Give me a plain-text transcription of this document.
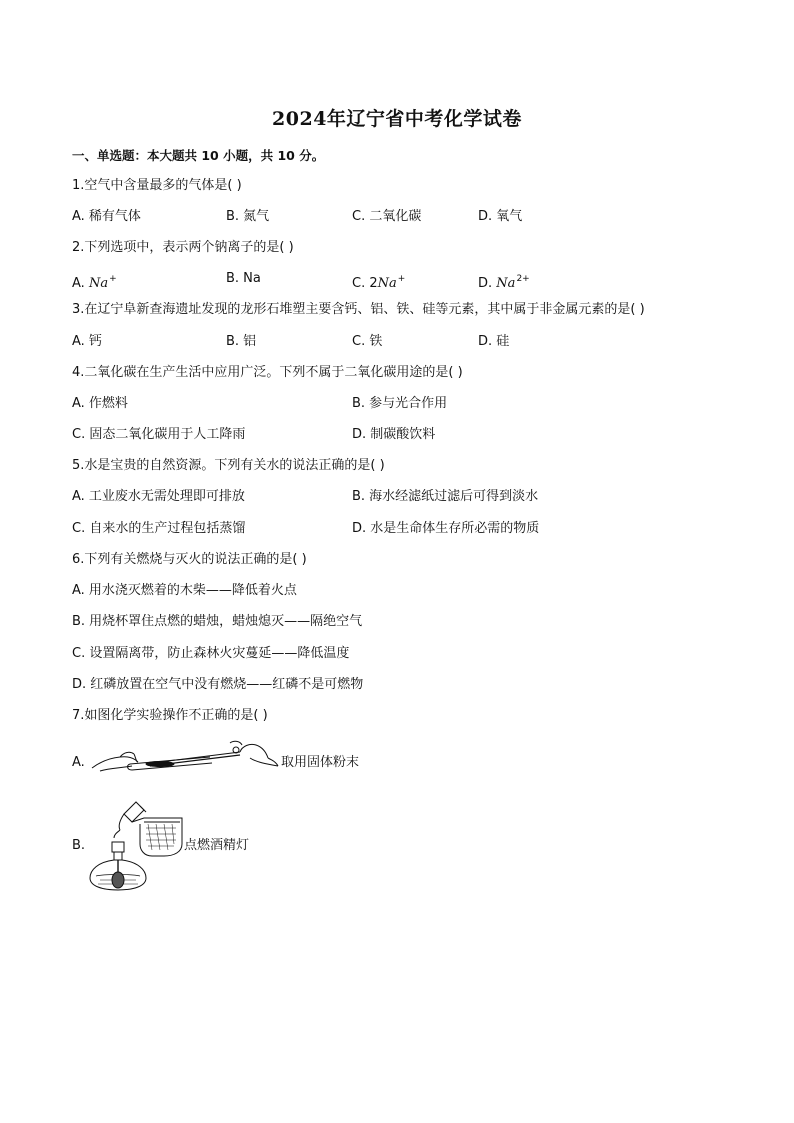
2024年辽宁省中考化学试卷
一、单选题：本大题共 10 小题，共 10 分。
1.空气中含量最多的气体是( )
A. 稀有气体	B. 氮气	C. 二氧化碳	D. 氧气
2.下列选项中，表示两个钠离子的是( )
A. Na+	B. Na	C. 2Na+	D. $Na^{2+}$
3.在辽宁阜新查海遗址发现的龙形石堆塑主要含钙、铝、铁、硅等元素，其中属于非金属元素的是( )
A. 钙	B. 铝	C. 铁	D. 硅
4.二氧化碳在生产生活中应用广泛。下列不属于二氧化碳用途的是( )
A. 作燃料	B. 参与光合作用
C. 固态二氧化碳用于人工降雨	D. 制碳酸饮料
5.水是宝贵的自然资源。下列有关水的说法正确的是( )
A. 工业废水无需处理即可排放	B. 海水经滤纸过滤后可得到淡水
C. 自来水的生产过程包括蒸馏	D. 水是生命体生存所必需的物质
6.下列有关燃烧与灭火的说法正确的是( )
A. 用水浇灭燃着的木柴——降低着火点
B. 用烧杯罩住点燃的蜡烛，蜡烛熄灭——隔绝空气
C. 设置隔离带，防止森林火灾蔓延——降低温度
D. 红磷放置在空气中没有燃烧——红磷不是可燃物
7.如图化学实验操作不正确的是( )
A.	取用固体粉末
B.	点燃酒精灯
